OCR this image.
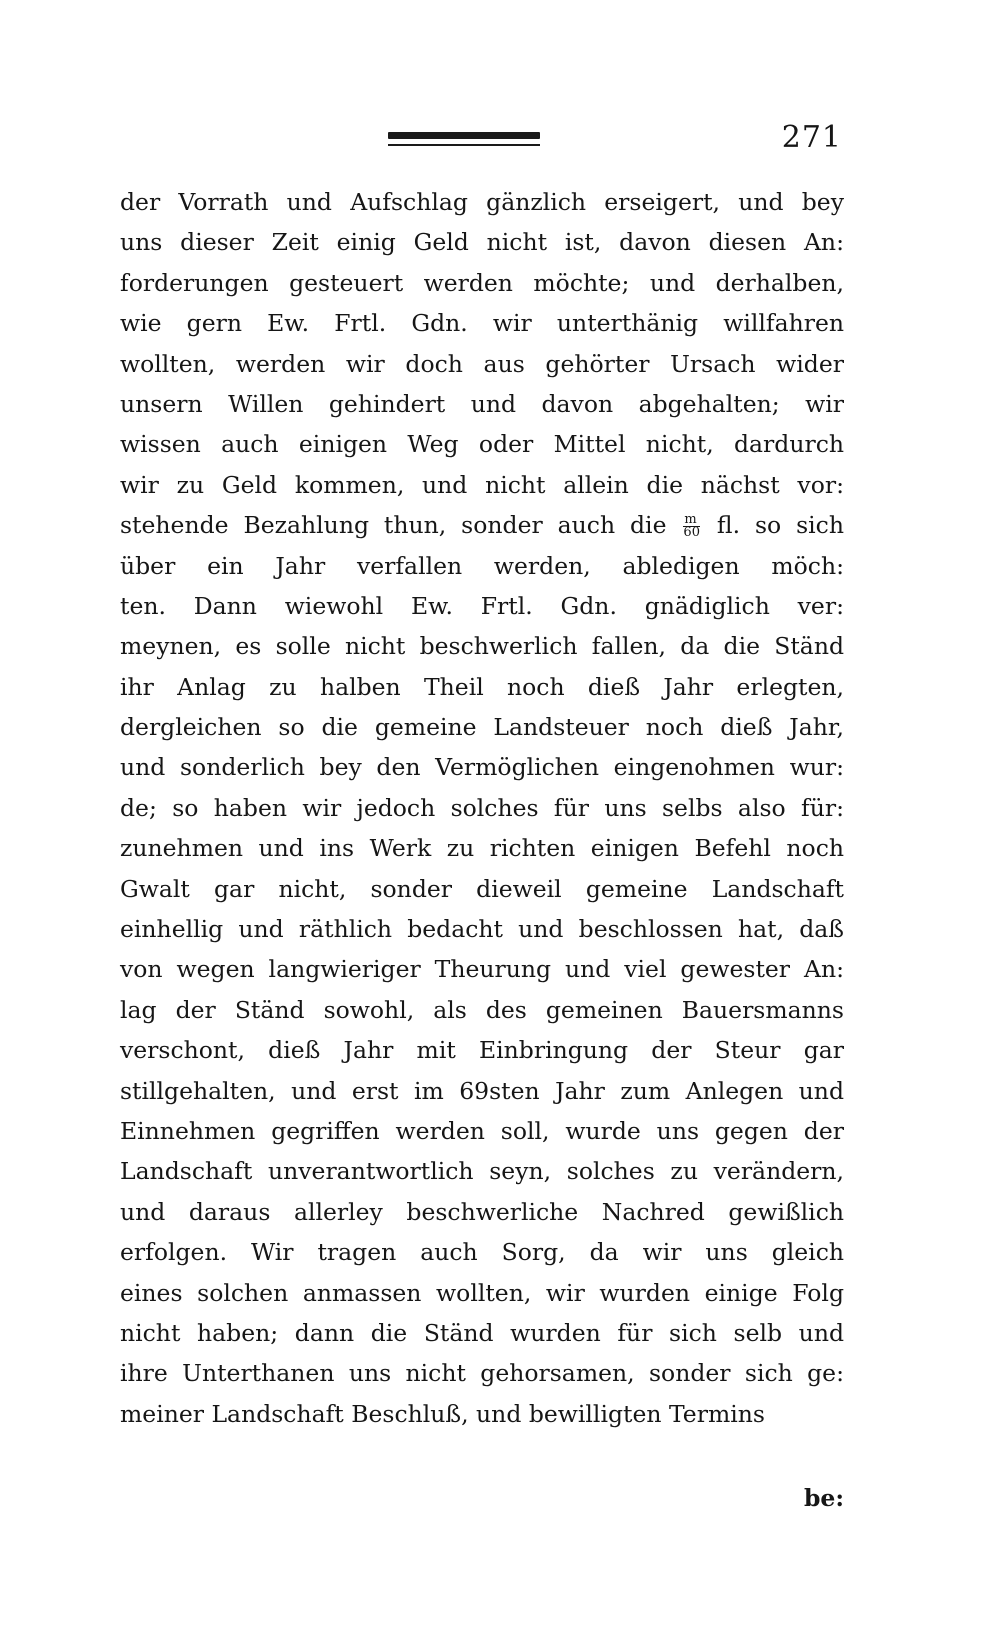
271
der Vorrath und Aufschlag gänzlich erseigert, und bey
uns dieser Zeit einig Geld nicht ist, davon diesen An:
forderungen gesteuert werden möchte; und derhalben,
wie gern Ew. Frtl. Gdn. wir unterthänig willfahren
wollten, werden wir doch aus gehörter Ursach wider
unsern Willen gehindert und davon abgehalten; wir
wissen auch einigen Weg oder Mittel nicht, dardurch
wir zu Geld kommen, und nicht allein die nächst vor:
stehende Bezahlung thun, sonder auch die $\frac{m}{60}$ fl. so sich
über ein Jahr verfallen werden, abledigen möch:
ten. Dann wiewohl Ew. Frtl. Gdn. gnädiglich ver:
meynen, es solle nicht beschwerlich fallen, da die Ständ
ihr Anlag zu halben Theil noch dieß Jahr erlegten,
dergleichen so die gemeine Landsteuer noch dieß Jahr,
und sonderlich bey den Vermöglichen eingenohmen wur:
de; so haben wir jedoch solches für uns selbs also für:
zunehmen und ins Werk zu richten einigen Befehl noch
Gwalt gar nicht, sonder dieweil gemeine Landschaft
einhellig und räthlich bedacht und beschlossen hat, daß
von wegen langwieriger Theurung und viel gewester An:
lag der Ständ sowohl, als des gemeinen Bauersmanns
verschont, dieß Jahr mit Einbringung der Steur gar
stillgehalten, und erst im 69sten Jahr zum Anlegen und
Einnehmen gegriffen werden soll, wurde uns gegen der
Landschaft unverantwortlich seyn, solches zu verändern,
und daraus allerley beschwerliche Nachred gewißlich
erfolgen. Wir tragen auch Sorg, da wir uns gleich
eines solchen anmassen wollten, wir wurden einige Folg
nicht haben; dann die Ständ wurden für sich selb und
ihre Unterthanen uns nicht gehorsamen, sonder sich ge:
meiner Landschaft Beschluß, und bewilligten Termins
be:
